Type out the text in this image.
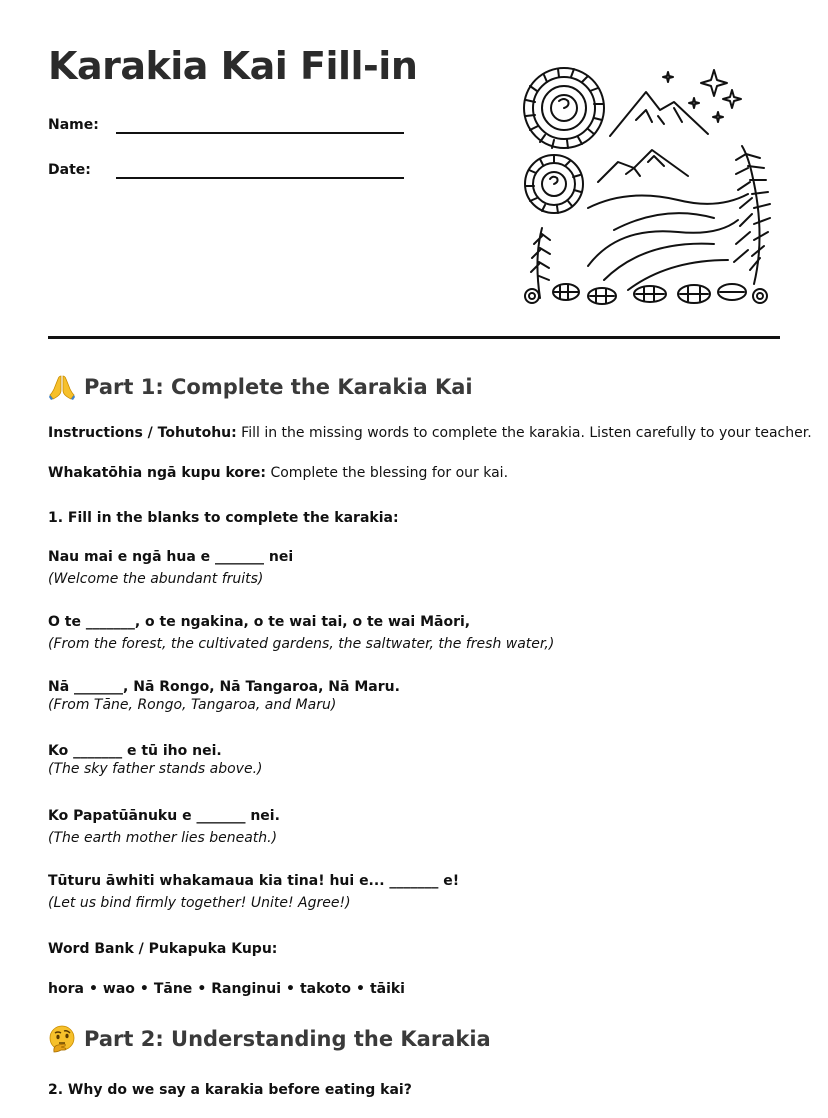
Karakia Kai Fill-in
Name:
Date:
Part 1: Complete the Karakia Kai
Instructions / Tohutohu: Fill in the missing words to complete the karakia. Listen carefully to your teacher.
Whakatōhia ngā kupu kore: Complete the blessing for our kai.
1. Fill in the blanks to complete the karakia:
Nau mai e ngā hua e _______ nei
(Welcome the abundant fruits)
O te _______, o te ngakina, o te wai tai, o te wai Māori,
(From the forest, the cultivated gardens, the saltwater, the fresh water,)
Nā _______, Nā Rongo, Nā Tangaroa, Nā Maru.
(From Tāne, Rongo, Tangaroa, and Maru)
Ko _______ e tū iho nei.
(The sky father stands above.)
Ko Papatūānuku e _______ nei.
(The earth mother lies beneath.)
Tūturu āwhiti whakamaua kia tina! hui e... _______ e!
(Let us bind firmly together! Unite! Agree!)
Word Bank / Pukapuka Kupu:
hora • wao • Tāne • Ranginui • takoto • tāiki
Part 2: Understanding the Karakia
2. Why do we say a karakia before eating kai?
